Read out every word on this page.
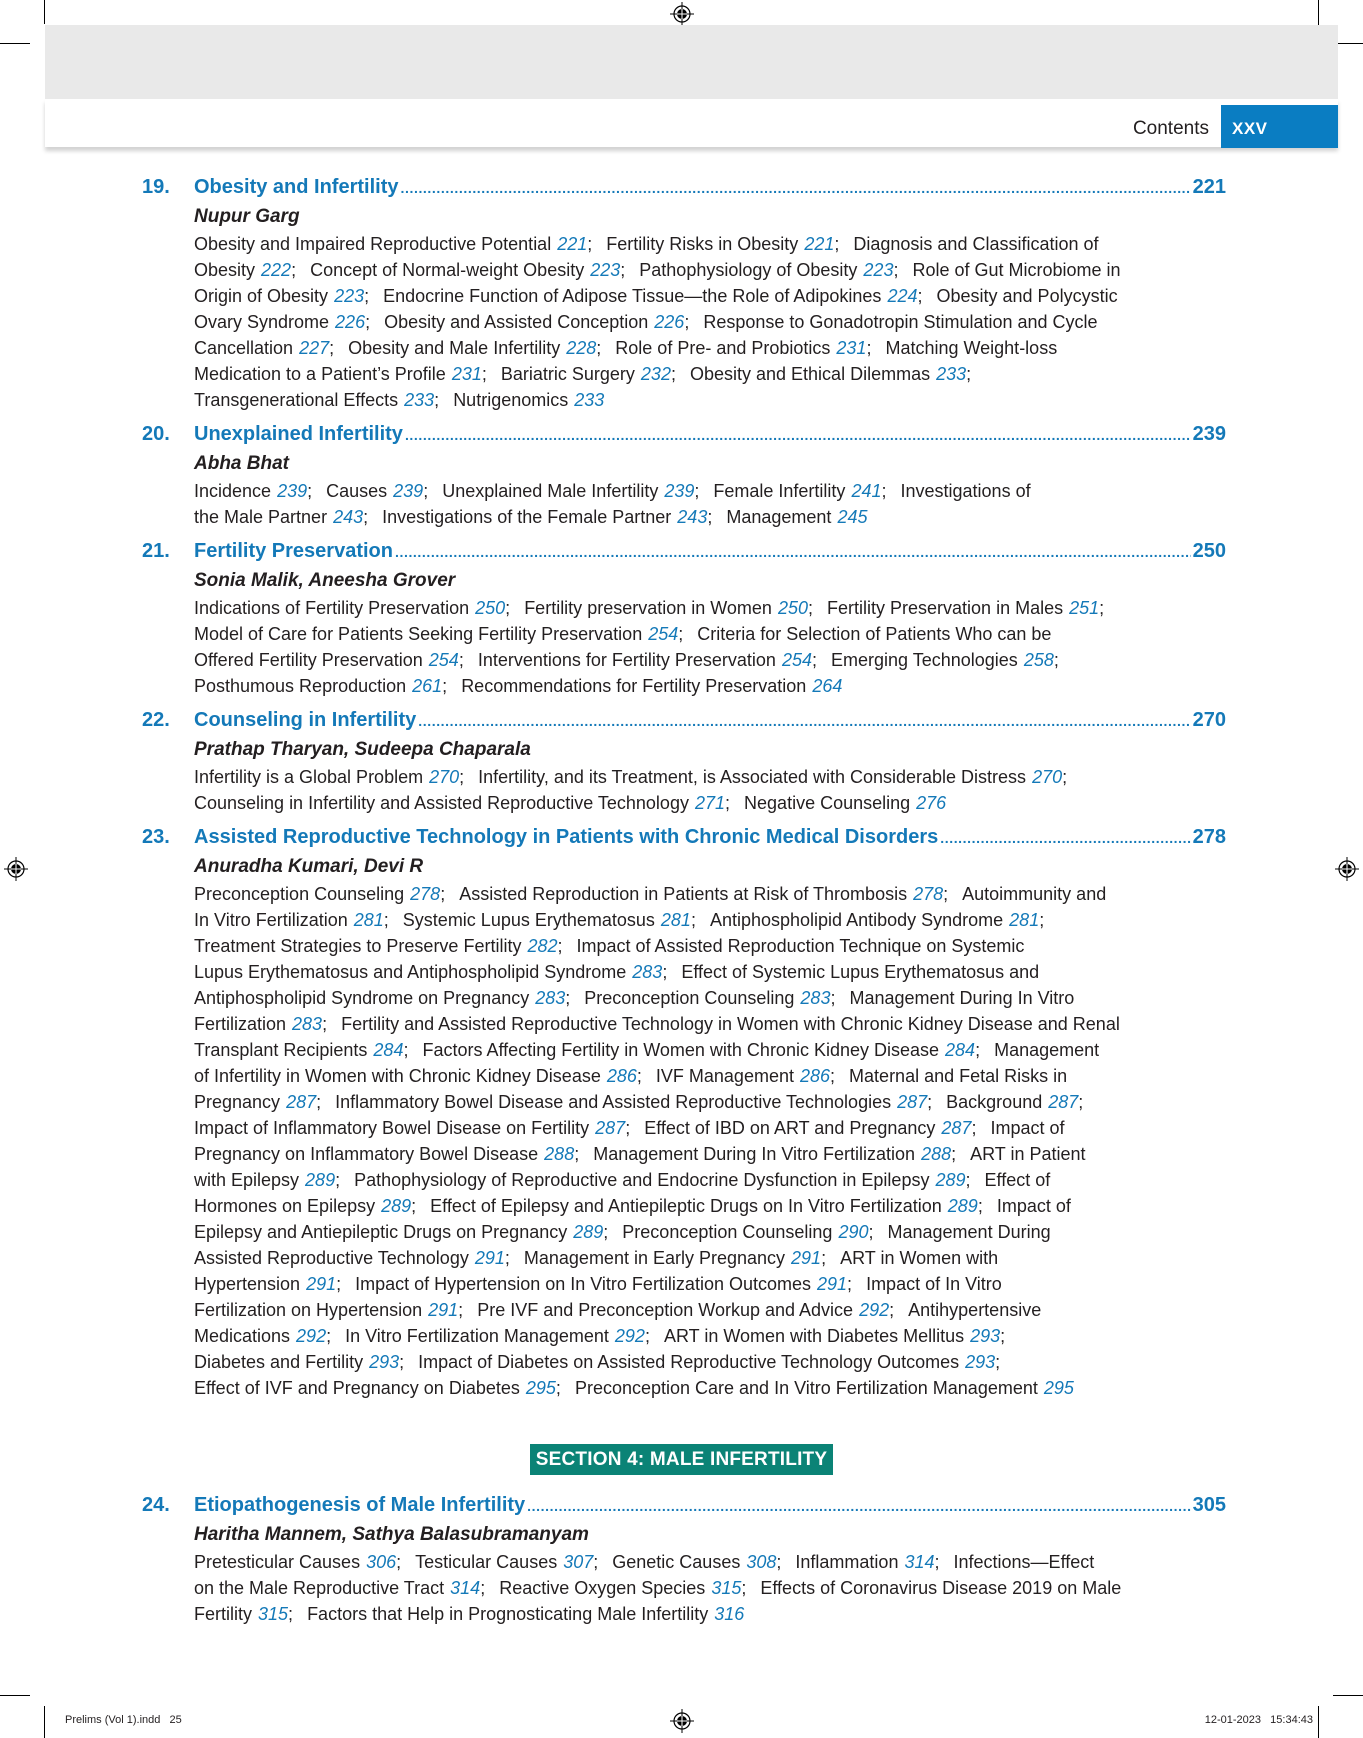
Contents	XXV
19.	Obesity and Infertility .....	221
Nupur Garg
Obesity and Impaired Reproductive Potential 221; Fertility Risks in Obesity 221; Diagnosis and Classification of
Obesity 222; Concept of Normal-weight Obesity 223; Pathophysiology of Obesity 223; Role of Gut Microbiome in
Origin of Obesity 223; Endocrine Function of Adipose Tissue—the Role of Adipokines 224; Obesity and Polycystic
Ovary Syndrome 226; Obesity and Assisted Conception 226; Response to Gonadotropin Stimulation and Cycle
Cancellation 227; Obesity and Male Infertility 228; Role of Pre- and Probiotics 231; Matching Weight-loss
Medication to a Patient’s Profile 231; Bariatric Surgery 232; Obesity and Ethical Dilemmas 233;
Transgenerational Effects 233; Nutrigenomics 233
20.	Unexplained Infertility .....	239
Abha Bhat
Incidence 239; Causes 239; Unexplained Male Infertility 239; Female Infertility 241; Investigations of
the Male Partner 243; Investigations of the Female Partner 243; Management 245
21.	Fertility Preservation .....	250
Sonia Malik, Aneesha Grover
Indications of Fertility Preservation 250; Fertility preservation in Women 250; Fertility Preservation in Males 251;
Model of Care for Patients Seeking Fertility Preservation 254; Criteria for Selection of Patients Who can be
Offered Fertility Preservation 254; Interventions for Fertility Preservation 254; Emerging Technologies 258;
Posthumous Reproduction 261; Recommendations for Fertility Preservation 264
22.	Counseling in Infertility .....	270
Prathap Tharyan, Sudeepa Chaparala
Infertility is a Global Problem 270; Infertility, and its Treatment, is Associated with Considerable Distress 270;
Counseling in Infertility and Assisted Reproductive Technology 271; Negative Counseling 276
23.	Assisted Reproductive Technology in Patients with Chronic Medical Disorders .....	278
Anuradha Kumari, Devi R
Preconception Counseling 278; Assisted Reproduction in Patients at Risk of Thrombosis 278; Autoimmunity and
In Vitro Fertilization 281; Systemic Lupus Erythematosus 281; Antiphospholipid Antibody Syndrome 281;
Treatment Strategies to Preserve Fertility 282; Impact of Assisted Reproduction Technique on Systemic
Lupus Erythematosus and Antiphospholipid Syndrome 283; Effect of Systemic Lupus Erythematosus and
Antiphospholipid Syndrome on Pregnancy 283; Preconception Counseling 283; Management During In Vitro
Fertilization 283; Fertility and Assisted Reproductive Technology in Women with Chronic Kidney Disease and Renal
Transplant Recipients 284; Factors Affecting Fertility in Women with Chronic Kidney Disease 284; Management
of Infertility in Women with Chronic Kidney Disease 286; IVF Management 286; Maternal and Fetal Risks in
Pregnancy 287; Inflammatory Bowel Disease and Assisted Reproductive Technologies 287; Background 287;
Impact of Inflammatory Bowel Disease on Fertility 287; Effect of IBD on ART and Pregnancy 287; Impact of
Pregnancy on Inflammatory Bowel Disease 288; Management During In Vitro Fertilization 288; ART in Patient
with Epilepsy 289; Pathophysiology of Reproductive and Endocrine Dysfunction in Epilepsy 289; Effect of
Hormones on Epilepsy 289; Effect of Epilepsy and Antiepileptic Drugs on In Vitro Fertilization 289; Impact of
Epilepsy and Antiepileptic Drugs on Pregnancy 289; Preconception Counseling 290; Management During
Assisted Reproductive Technology 291; Management in Early Pregnancy 291; ART in Women with
Hypertension 291; Impact of Hypertension on In Vitro Fertilization Outcomes 291; Impact of In Vitro
Fertilization on Hypertension 291; Pre IVF and Preconception Workup and Advice 292; Antihypertensive
Medications 292; In Vitro Fertilization Management 292; ART in Women with Diabetes Mellitus 293;
Diabetes and Fertility 293; Impact of Diabetes on Assisted Reproductive Technology Outcomes 293;
Effect of IVF and Pregnancy on Diabetes 295; Preconception Care and In Vitro Fertilization Management 295
SECTION 4: MALE INFERTILITY
24.	Etiopathogenesis of Male Infertility .....	305
Haritha Mannem, Sathya Balasubramanyam
Pretesticular Causes 306; Testicular Causes 307; Genetic Causes 308; Inflammation 314; Infections—Effect
on the Male Reproductive Tract 314; Reactive Oxygen Species 315; Effects of Coronavirus Disease 2019 on Male
Fertility 315; Factors that Help in Prognosticating Male Infertility 316
Prelims (Vol 1).indd   25	12-01-2023   15:34:43
